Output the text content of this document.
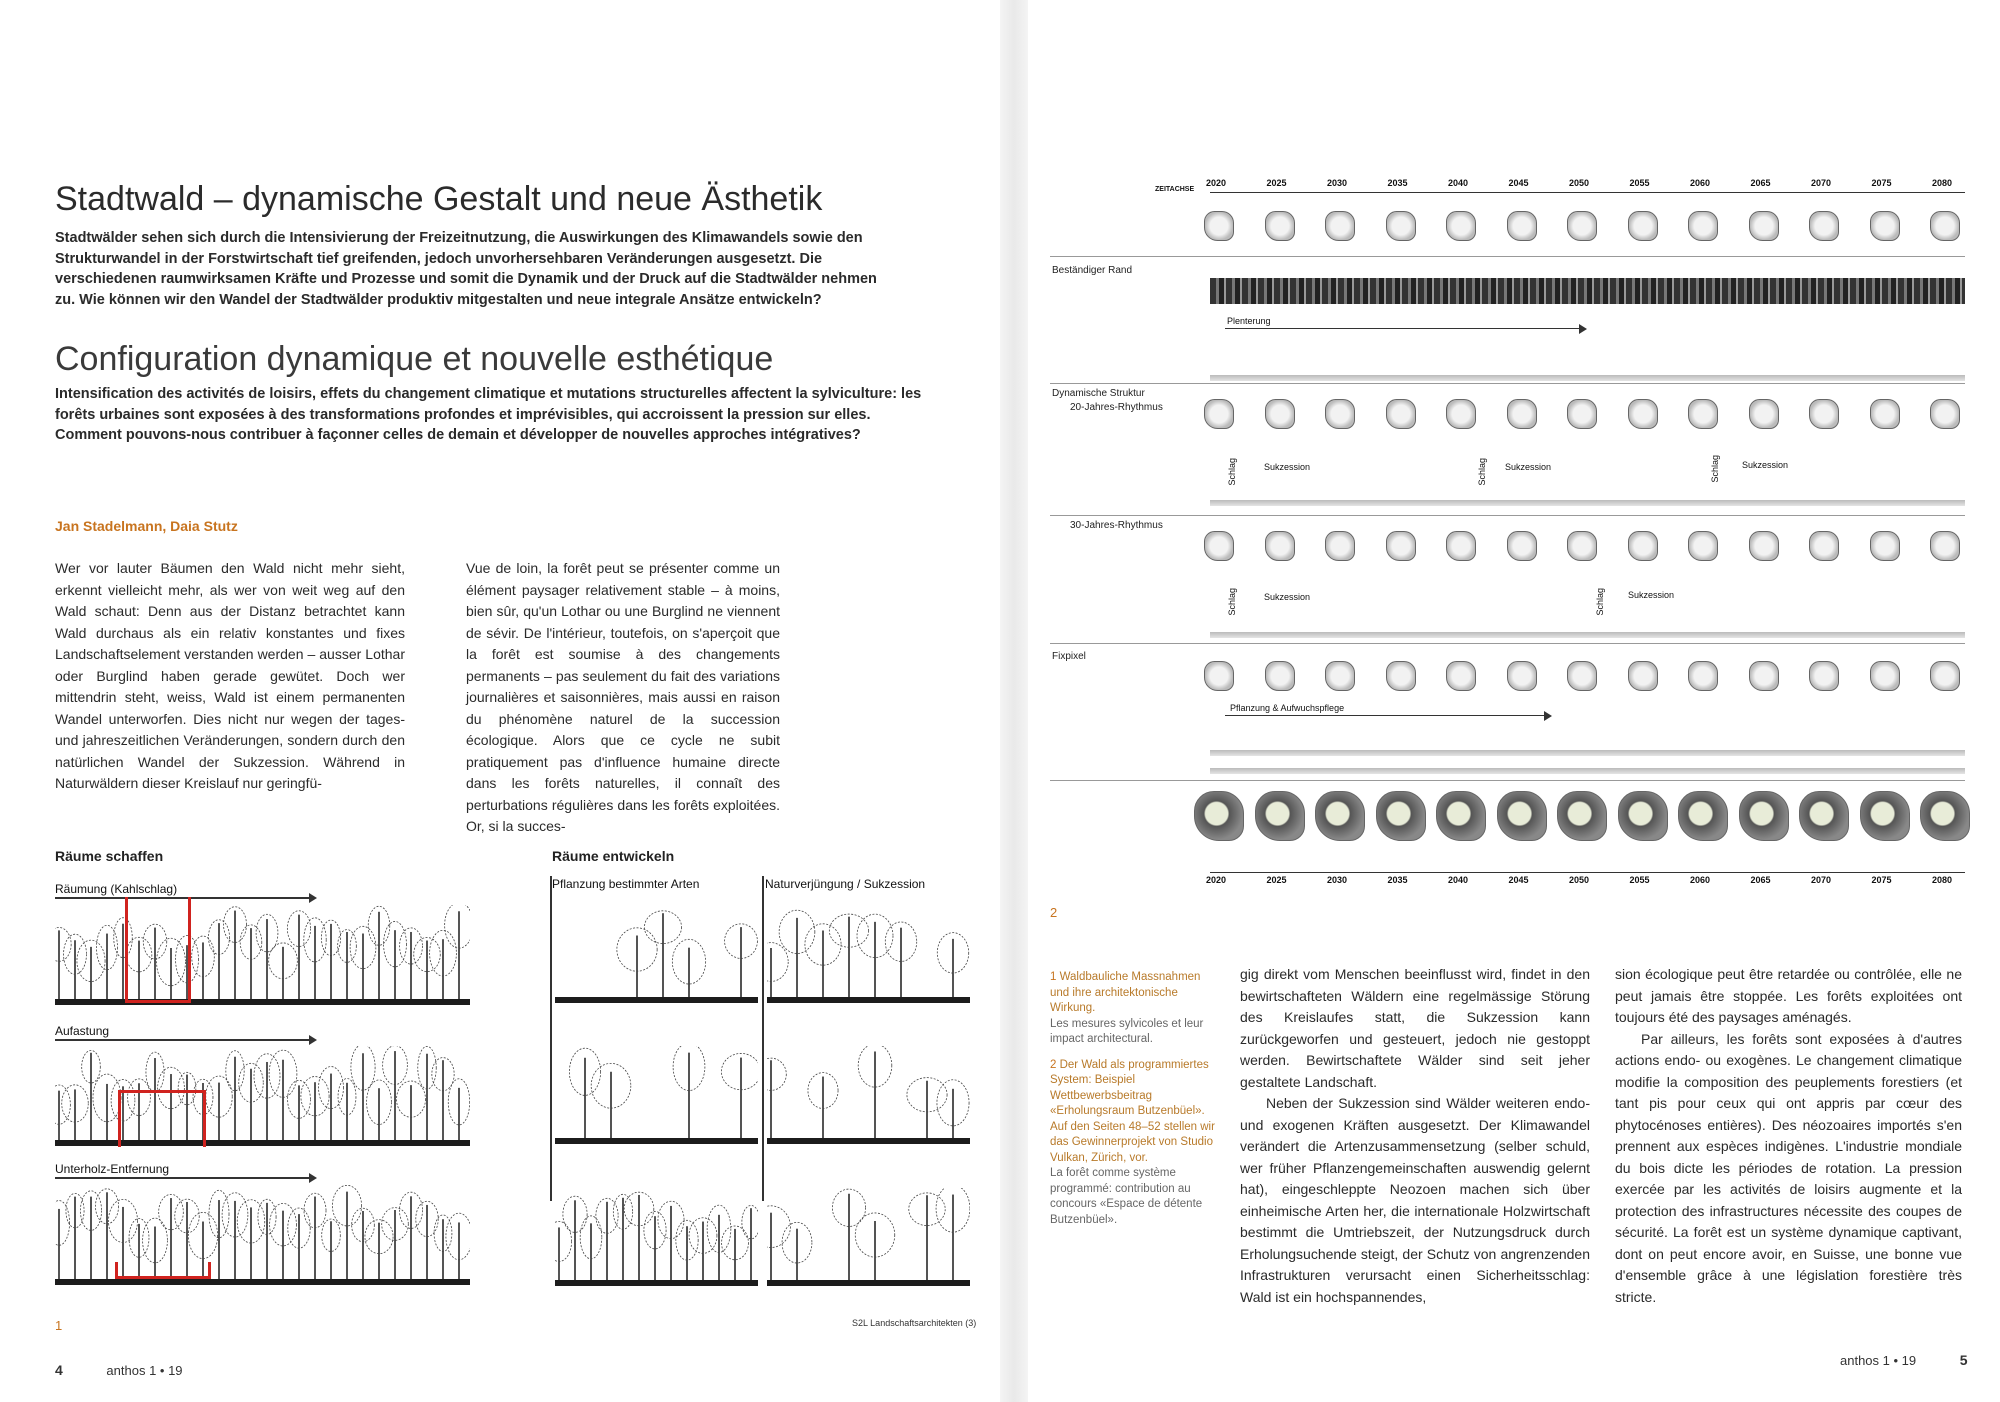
Stadtwald – dynamische Gestalt und neue Ästhetik
Stadtwälder sehen sich durch die Intensivierung der Freizeitnutzung, die Auswirkungen des Klimawandels sowie den Strukturwandel in der Forstwirtschaft tief greifenden, jedoch unvorhersehbaren Veränderungen ausgesetzt. Die verschiedenen raumwirksamen Kräfte und Prozesse und somit die Dynamik und der Druck auf die Stadtwälder nehmen zu. Wie können wir den Wandel der Stadtwälder produktiv mitgestalten und neue integrale Ansätze entwickeln?
Configuration dynamique et nouvelle esthétique
Intensification des activités de loisirs, effets du changement climatique et mutations structurelles affectent la sylviculture: les forêts urbaines sont exposées à des transformations profondes et imprévisibles, qui accroissent la pression sur elles. Comment pouvons-nous contribuer à façonner celles de demain et développer de nouvelles approches intégratives?
Jan Stadelmann, Daia Stutz
Wer vor lauter Bäumen den Wald nicht mehr sieht, erkennt vielleicht mehr, als wer von weit weg auf den Wald schaut: Denn aus der Distanz betrachtet kann Wald durchaus als ein relativ konstantes und fixes Landschaftselement verstanden werden – ausser Lothar oder Burglind haben gerade gewütet. Doch wer mittendrin steht, weiss, Wald ist einem permanenten Wandel unterworfen. Dies nicht nur wegen der tages- und jahreszeitlichen Veränderungen, sondern durch den natürlichen Wandel der Sukzession. Während in Naturwäldern dieser Kreislauf nur geringfü-
Vue de loin, la forêt peut se présenter comme un élément paysager relativement stable – à moins, bien sûr, qu'un Lothar ou une Burglind ne viennent de sévir. De l'intérieur, toutefois, on s'aperçoit que la forêt est soumise à des changements permanents – pas seulement du fait des variations journalières et saisonnières, mais aussi en raison du phénomène naturel de la succession écologique. Alors que ce cycle ne subit pratiquement pas d'influence humaine directe dans les forêts naturelles, il connaît des perturbations régulières dans les forêts exploitées. Or, si la succes-
Räume schaffen	Räume entwickeln
Räumung (Kahlschlag)
Aufastung
Unterholz-Entfernung
Pflanzung bestimmter Arten	Naturverjüngung / Sukzession
1	S2L Landschaftsarchitekten (3)
4	anthos 1 • 19
ZEITACHSE
Beständiger Rand
Dynamische Struktur
20-Jahres-Rhythmus
30-Jahres-Rhythmus
Fixpixel
Plenterung
Schlag	Sukzession	Schlag Sukzession	Schlag Sukzession
Schlag	Sukzession	Schlag	Sukzession
Pflanzung & Aufwuchspflege
2020
2020
2025
2025
2030
2030
2035
2035
2040
2040
2045
2045
2050
2050
2055
2055
2060
2060
2065
2065
2070
2070
2075
2075
2080
2080
2
1 Waldbauliche Massnahmen und ihre architektonische Wirkung.
Les mesures sylvicoles et leur impact architectural.
2 Der Wald als programmiertes System: Beispiel Wettbewerbsbeitrag «Erholungsraum Butzenbüel». Auf den Seiten 48–52 stellen wir das Gewinnerprojekt von Studio Vulkan, Zürich, vor.
La forêt comme système programmé: contribution au concours «Espace de détente Butzenbüel».

gig direkt vom Menschen beeinflusst wird, findet in den bewirtschafteten Wäldern eine regelmässige Störung des Kreislaufes statt, die Sukzession kann zurückgeworfen und gesteuert, jedoch nie gestoppt werden. Bewirtschaftete Wälder sind seit jeher gestaltete Landschaft.

Neben der Sukzession sind Wälder weiteren endo- und exogenen Kräften ausgesetzt. Der Klimawandel verändert die Artenzusammensetzung (selber schuld, wer früher Pflanzengemeinschaften auswendig gelernt hat), eingeschleppte Neozoen machen sich über einheimische Arten her, die internationale Holzwirtschaft bestimmt die Umtriebszeit, der Nutzungsdruck durch Erholungsuchende steigt, der Schutz von angrenzenden Infrastrukturen verursacht einen Sicherheitsschlag: Wald ist ein hochspannendes,

sion écologique peut être retardée ou contrôlée, elle ne peut jamais être stoppée. Les forêts exploitées ont toujours été des paysages aménagés.

Par ailleurs, les forêts sont exposées à d'autres actions endo- ou exogènes. Le changement climatique modifie la composition des peuplements forestiers (et tant pis pour ceux qui ont appris par cœur des phytocénoses entières). Des néozoaires importés s'en prennent aux espèces indigènes. L'industrie mondiale du bois dicte les périodes de rotation. La pression exercée par les activités de loisirs augmente et la protection des infrastructures nécessite des coupes de sécurité. La forêt est un système dynamique captivant, dont on peut encore avoir, en Suisse, une bonne vue d'ensemble grâce à une législation forestière très stricte.

anthos 1 • 19	5
